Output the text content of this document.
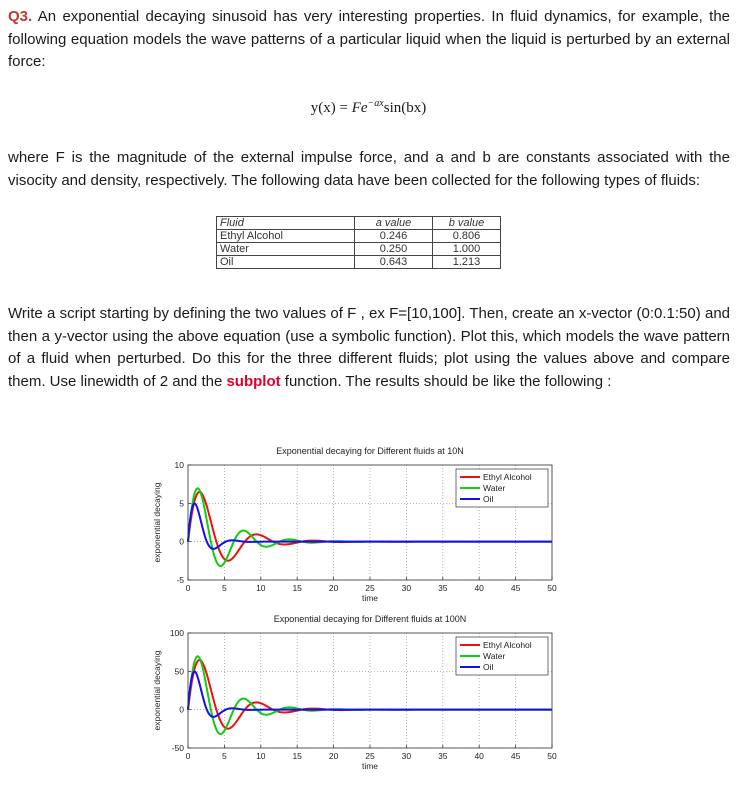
Q3. An exponential decaying sinusoid has very interesting properties. In fluid dynamics, for example, the following equation models the wave patterns of a particular liquid when the liquid is perturbed by an external force:
$y(x) = Fe^{-ax}\sin(bx)$
where F is the magnitude of the external impulse force, and a and b are constants associated with the visocity and density, respectively. The following data have been collected for the following types of fluids:
Fluid	a value	b value
Ethyl Alcohol	0.246	0.806
Water	0.250	1.000
Oil	0.643	1.213
Write a script starting by defining the two values of F , ex F=[10,100]. Then, create an x-vector (0:0.1:50) and then a y-vector using the above equation (use a symbolic function). Plot this, which models the wave pattern of a fluid when perturbed. Do this for the three different fluids; plot using the values above and compare them. Use linewidth of 2 and the subplot function. The results should be like the following :
0	5	10	15	20	25	30	35	40	45	50
-5
0
5
10
Exponential decaying for Different fluids at 10N
time
exponential decaying
Ethyl Alcohol
Water
Oil
0	5	10	15	20	25	30	35	40	45	50
-50
0
50
100
Exponential decaying for Different fluids at 100N
time
exponential decaying
Ethyl Alcohol
Water
Oil
